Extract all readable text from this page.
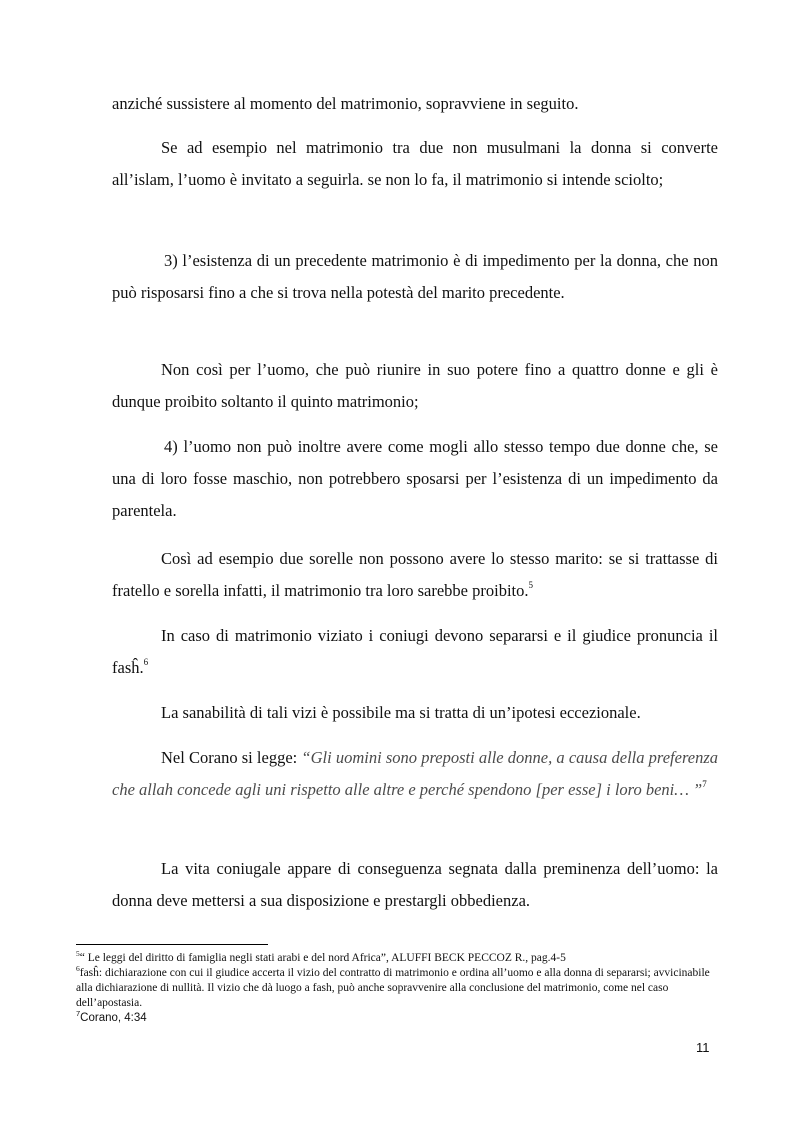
anziché sussistere al momento del matrimonio, sopravviene in seguito.

Se ad esempio nel matrimonio tra due non musulmani la donna si converte all’islam, l’uomo è invitato a seguirla. se non lo fa, il matrimonio si intende sciolto;

3) l’esistenza di un precedente matrimonio è di impedimento per la donna, che non può risposarsi fino a che si trova nella potestà del marito precedente.

Non così per l’uomo, che può riunire in suo potere fino a quattro donne e gli è dunque proibito soltanto il quinto matrimonio;

4) l’uomo non può inoltre avere come mogli allo stesso tempo due donne che, se una di loro fosse maschio, non potrebbero sposarsi per l’esistenza di un impedimento da parentela.

Così ad esempio due sorelle non possono avere lo stesso marito: se si trattasse di fratello e sorella infatti, il matrimonio tra loro sarebbe proibito.$^5$

In caso di matrimonio viziato i coniugi devono separarsi e il giudice pronuncia il fasĥ.$^6$

La sanabilità di tali vizi è possibile ma si tratta di un’ipotesi eccezionale.

Nel Corano si legge: “Gli uomini sono preposti alle donne, a causa della preferenza che allah concede agli uni rispetto alle altre e perché spendono [per esse] i loro beni… ”$^7$

La vita coniugale appare di conseguenza segnata dalla preminenza dell’uomo: la donna deve mettersi a sua disposizione e prestargli obbedienza.

$^5$“ Le leggi del diritto di famiglia negli stati arabi e del nord Africa”, ALUFFI BECK PECCOZ R., pag.4-5

$^6$fasĥ: dichiarazione con cui il giudice accerta il vizio del contratto di matrimonio e ordina all’uomo e alla donna di separarsi; avvicinabile alla dichiarazione di nullità. Il vizio che dà luogo a fash, può anche sopravvenire alla conclusione del matrimonio, come nel caso dell’apostasia.

$^7$Corano, 4:34

11
